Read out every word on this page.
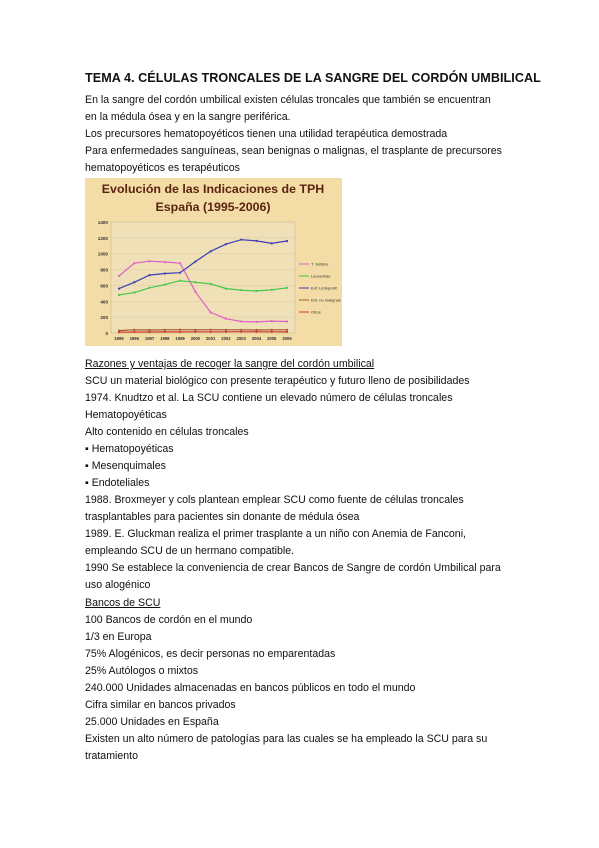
TEMA 4. CÉLULAS TRONCALES DE LA SANGRE DEL CORDÓN UMBILICAL
En la sangre del cordón umbilical existen células troncales que también se encuentran
en la médula ósea y en la sangre periférica.
Los precursores hematopoyéticos tienen una utilidad terapéutica demostrada
Para enfermedades sanguíneas, sean benignas o malignas, el trasplante de precursores
hematopoyéticos es terapéuticos
Evolución de las Indicaciones de TPH
España (1995-2006)
0
200
400
600
800
1000
1200
1400
1995 1996 1997 1998 1999 2000 2001 2002 2003 2004 2005 2006
T. Sólidos
Leucemias
Enf. Linfoprolif.
Enf. no malignas
Otros
Razones y ventajas de recoger la sangre del cordón umbilical
SCU un material biológico con presente terapéutico y futuro lleno de posibilidades
1974. Knudtzo et al. La SCU contiene un elevado número de células troncales
Hematopoyéticas
Alto contenido en células troncales
▪ Hematopoyéticas
▪ Mesenquimales
▪ Endoteliales
1988. Broxmeyer y cols plantean emplear SCU como fuente de células troncales
trasplantables para pacientes sin donante de médula ósea
1989. E. Gluckman realiza el primer trasplante a un niño con Anemia de Fanconi,
empleando SCU de un hermano compatible.
1990 Se establece la conveniencia de crear Bancos de Sangre de cordón Umbilical para
uso alogénico
Bancos de SCU
100 Bancos de cordón en el mundo
1/3 en Europa
75% Alogénicos, es decir personas no emparentadas
25% Autólogos o mixtos
240.000 Unidades almacenadas en bancos públicos en todo el mundo
Cifra similar en bancos privados
25.000 Unidades en España
Existen un alto número de patologías para las cuales se ha empleado la SCU para su
tratamiento
